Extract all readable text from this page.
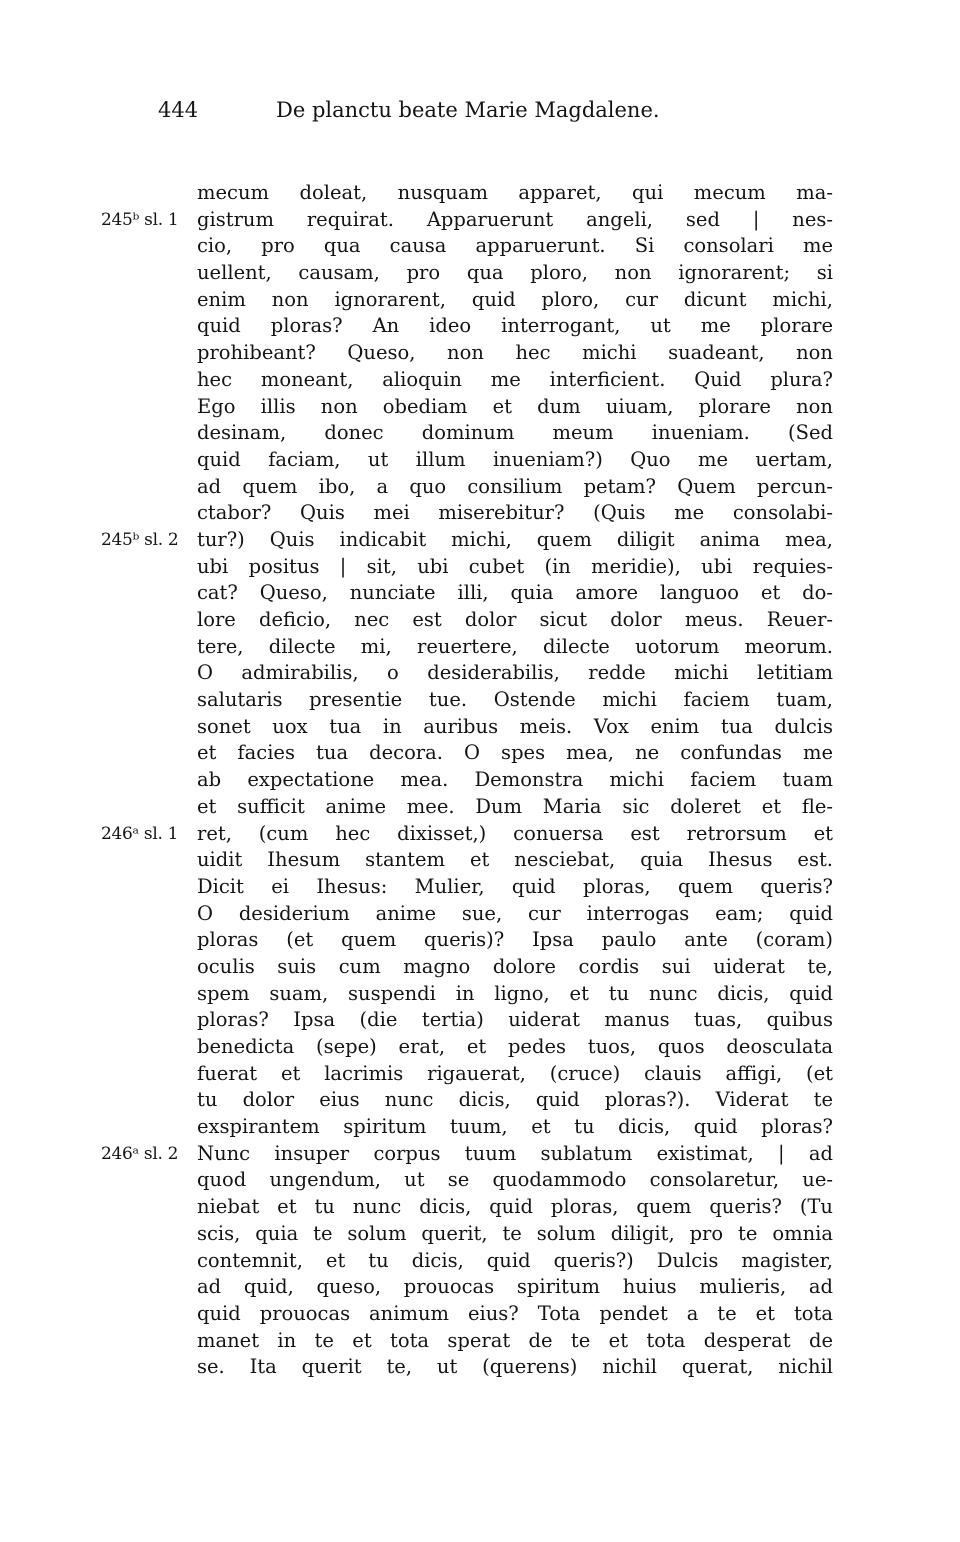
444	De planctu beate Marie Magdalene.
mecum doleat, nusquam apparet, qui mecum ma-
245ᵇ sl. 1 gistrum requirat. Apparuerunt angeli, sed | nes-
cio, pro qua causa apparuerunt. Si consolari me
uellent, causam, pro qua ploro, non ignorarent; si
enim non ignorarent, quid ploro, cur dicunt michi,
quid ploras? An ideo interrogant, ut me plorare
prohibeant? Queso, non hec michi suadeant, non
hec moneant, alioquin me interficient. Quid plura?
Ego illis non obediam et dum uiuam, plorare non
desinam, donec dominum meum inueniam. (Sed
quid faciam, ut illum inueniam?) Quo me uertam,
ad quem ibo, a quo consilium petam? Quem percun-
ctabor? Quis mei miserebitur? (Quis me consolabi-
245ᵇ sl. 2 tur?) Quis indicabit michi, quem diligit anima mea,
ubi positus | sit, ubi cubet (in meridie), ubi requies-
cat? Queso, nunciate illi, quia amore languoo et do-
lore deficio, nec est dolor sicut dolor meus. Reuer-
tere, dilecte mi, reuertere, dilecte uotorum meorum.
O admirabilis, o desiderabilis, redde michi letitiam
salutaris presentie tue. Ostende michi faciem tuam,
sonet uox tua in auribus meis. Vox enim tua dulcis
et facies tua decora. O spes mea, ne confundas me
ab expectatione mea. Demonstra michi faciem tuam
et sufficit anime mee. Dum Maria sic doleret et fle-
246ᵃ sl. 1 ret, (cum hec dixisset,) conuersa est retrorsum et
uidit Ihesum stantem et nesciebat, quia Ihesus est.
Dicit ei Ihesus: Mulier, quid ploras, quem queris?
O desiderium anime sue, cur interrogas eam; quid
ploras (et quem queris)? Ipsa paulo ante (coram)
oculis suis cum magno dolore cordis sui uiderat te,
spem suam, suspendi in ligno, et tu nunc dicis, quid
ploras? Ipsa (die tertia) uiderat manus tuas, quibus
benedicta (sepe) erat, et pedes tuos, quos deosculata
fuerat et lacrimis rigauerat, (cruce) clauis affigi, (et
tu dolor eius nunc dicis, quid ploras?). Viderat te
exspirantem spiritum tuum, et tu dicis, quid ploras?
246ᵃ sl. 2 Nunc insuper corpus tuum sublatum existimat, | ad
quod ungendum, ut se quodammodo consolaretur, ue-
niebat et tu nunc dicis, quid ploras, quem queris? (Tu
scis, quia te solum querit, te solum diligit, pro te omnia
contemnit, et tu dicis, quid queris?) Dulcis magister,
ad quid, queso, prouocas spiritum huius mulieris, ad
quid prouocas animum eius? Tota pendet a te et tota
manet in te et tota sperat de te et tota desperat de
se. Ita querit te, ut (querens) nichil querat, nichil
